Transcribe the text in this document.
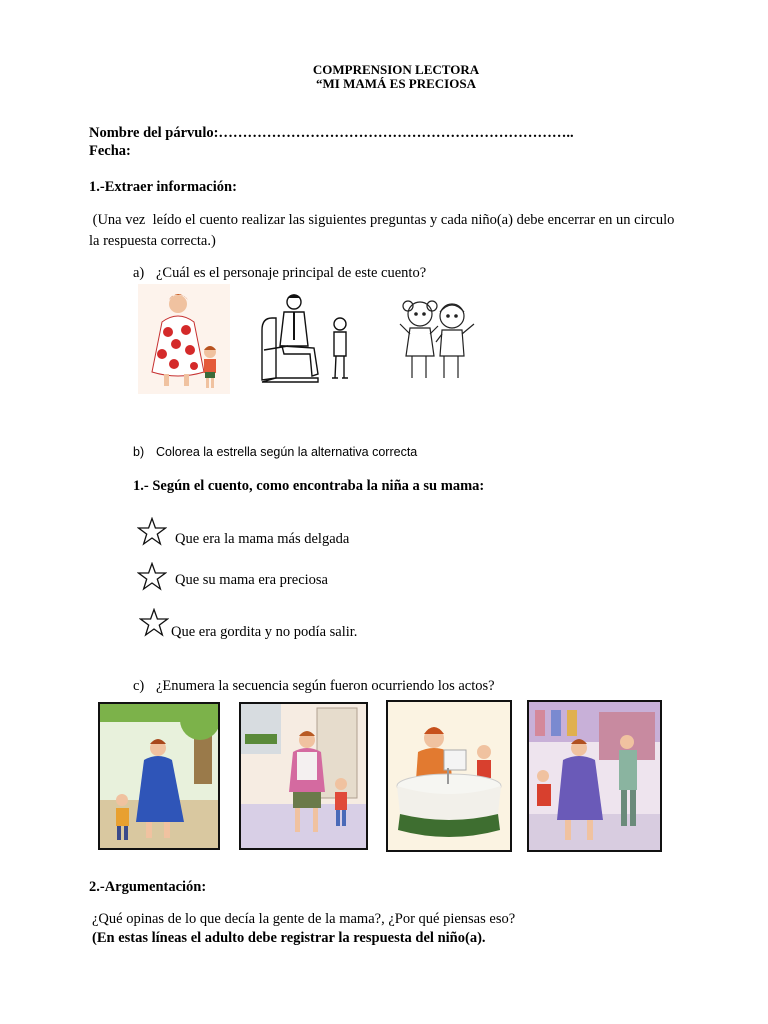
COMPRENSION LECTORA
“MI MAMÁ ES PRECIOSA
Nombre del párvulo:………………………………………………………………..
Fecha:
1.-Extraer información:
(Una vez  leído el cuento realizar las siguientes preguntas y cada niño(a) debe encerrar en un circulo
la respuesta correcta.)
a) ¿Cuál es el personaje principal de este cuento?
b) Colorea la estrella según la alternativa correcta
1.- Según el cuento, como encontraba la niña a su mama:
Que era la mama más delgada
Que su mama era preciosa
Que era gordita y no podía salir.
c) ¿Enumera la secuencia según fueron ocurriendo los actos?
2.-Argumentación:
¿Qué opinas de lo que decía la gente de la mama?, ¿Por qué piensas eso?
(En estas líneas el adulto debe registrar la respuesta del niño(a).
